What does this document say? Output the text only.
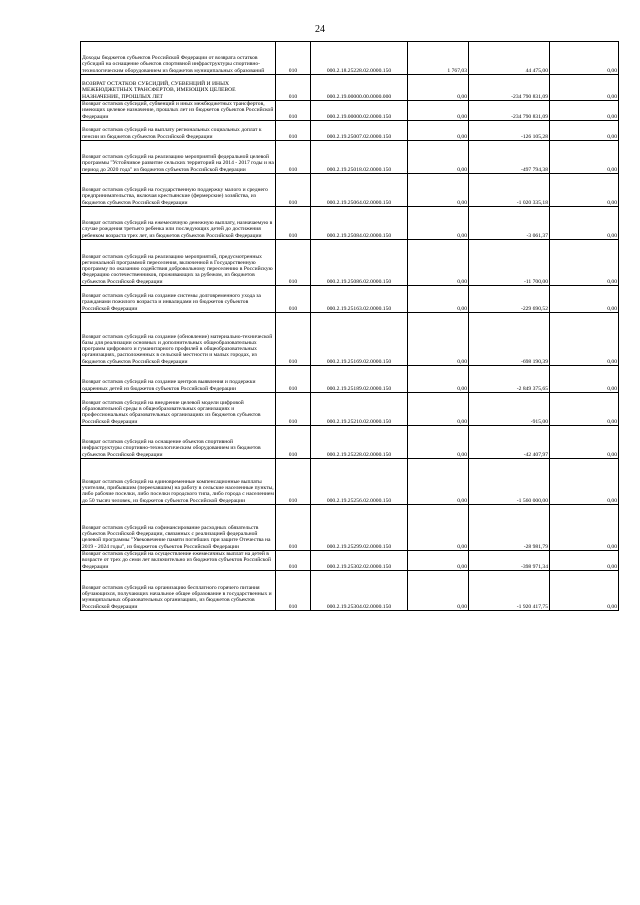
24
Доходы бюджетов субъектов Российской Федерации от возврата остатков субсидий на оснащение объектов спортивной инфраструктуры спортивно-технологическим оборудованием из бюджетов муниципальных образований	010	000.2.18.25228.02.0000.150	1 767,03	44 475,00	0,00
ВОЗВРАТ ОСТАТКОВ СУБСИДИЙ, СУБВЕНЦИЙ И ИНЫХ МЕЖБЮДЖЕТНЫХ ТРАНСФЕРТОВ, ИМЕЮЩИХ ЦЕЛЕВОЕ НАЗНАЧЕНИЕ, ПРОШЛЫХ ЛЕТ	010	000.2.19.00000.00.0000.000	0,00	-234 790 831,09	0,00
Возврат остатков субсидий, субвенций и иных межбюджетных трансфертов, имеющих целевое назначение, прошлых лет из бюджетов субъектов Российской Федерации	010	000.2.19.00000.02.0000.150	0,00	-234 790 831,09	0,00
Возврат остатков субсидий на выплату региональных социальных доплат к пенсии из бюджетов субъектов Российской Федерации	010	000.2.19.25007.02.0000.150	0,00	-126 105,28	0,00
Возврат остатков субсидий на реализацию мероприятий федеральной целевой программы "Устойчивое развитие сельских территорий на 2014 - 2017 годы и на период до 2020 года" из бюджетов субъектов Российской Федерации	010	000.2.19.25018.02.0000.150	0,00	-497 794,38	0,00
Возврат остатков субсидий на государственную поддержку малого и среднего предпринимательства, включая крестьянские (фермерские) хозяйства, из бюджетов субъектов Российской Федерации	010	000.2.19.25064.02.0000.150	0,00	-1 020 335,18	0,00
Возврат остатков субсидий на ежемесячную денежную выплату, назначаемую в случае рождения третьего ребенка или последующих детей до достижения ребенком возраста трех лет, из бюджетов субъектов Российской Федерации	010	000.2.19.25084.02.0000.150	0,00	-3 061,37	0,00
Возврат остатков субсидий на реализацию мероприятий, предусмотренных региональной программой переселения, включенной в Государственную программу по оказанию содействия добровольному переселению в Российскую Федерацию соотечественников, проживающих за рубежом, из бюджетов субъектов Российской Федерации	010	000.2.19.25086.02.0000.150	0,00	-11 700,00	0,00
Возврат остатков субсидий на создание системы долговременного ухода за гражданами пожилого возраста и инвалидами из бюджетов субъектов Российской Федерации	010	000.2.19.25163.02.0000.150	0,00	-229 690,52	0,00
Возврат остатков субсидий на создание (обновление) материально-технической базы для реализации основных и дополнительных общеобразовательных программ цифрового и гуманитарного профилей в общеобразовательных организациях, расположенных в сельской местности и малых городах, из бюджетов субъектов Российской Федерации	010	000.2.19.25169.02.0000.150	0,00	-698 190,39	0,00
Возврат остатков субсидий на создание центров выявления и поддержки одаренных детей из бюджетов субъектов Российской Федерации	010	000.2.19.25189.02.0000.150	0,00	-2 849 375,65	0,00
Возврат остатков субсидий на внедрение целевой модели цифровой образовательной среды в общеобразовательных организациях и профессиональных образовательных организациях из бюджетов субъектов Российской Федерации	010	000.2.19.25210.02.0000.150	0,00	-915,00	0,00
Возврат остатков субсидий на оснащение объектов спортивной инфраструктуры спортивно-технологическим оборудованием из бюджетов субъектов Российской Федерации	010	000.2.19.25228.02.0000.150	0,00	-42 407,97	0,00
Возврат остатков субсидий на единовременные компенсационные выплаты учителям, прибывшим (переехавшим) на работу в сельские населенные пункты, либо рабочие поселки, либо поселки городского типа, либо города с населением до 50 тысяч человек, из бюджетов субъектов Российской Федерации	010	000.2.19.25256.02.0000.150	0,00	-1 560 000,00	0,00
Возврат остатков субсидий на софинансирование расходных обязательств субъектов Российской Федерации, связанных с реализацией федеральной целевой программы "Увековечение памяти погибших при защите Отечества на 2019 - 2024 годы", из бюджетов субъектов Российской Федерации	010	000.2.19.25299.02.0000.150	0,00	-28 981,79	0,00
Возврат остатков субсидий на осуществление ежемесячных выплат на детей в возрасте от трех до семи лет включительно из бюджетов субъектов Российской Федерации	010	000.2.19.25302.02.0000.150	0,00	-398 971,34	0,00
Возврат остатков субсидий на организацию бесплатного горячего питания обучающихся, получающих начальное общее образование в государственных и муниципальных образовательных организациях, из бюджетов субъектов Российской Федерации	010	000.2.19.25304.02.0000.150	0,00	-1 920 417,75	0,00
